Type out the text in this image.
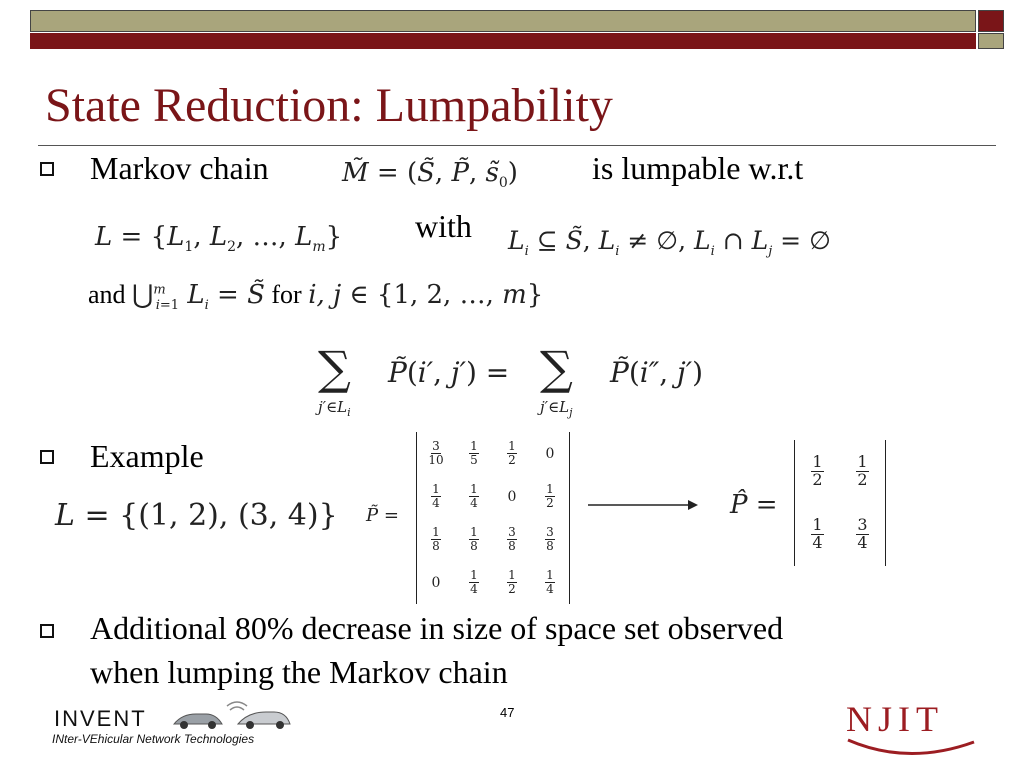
State Reduction: Lumpability
Markov chain	M̃ = (S̃, P̃, $s̃_0$) is lumpable w.r.t
$L = \{L_1$, $L_2$, …, $L_m$} with $L_i$ ⊆ S̃, $L_i$ ≠ ∅, $L_i$ ∩ $L_j$ = ∅
and ⋃$^m_{i=1}$ $L_i$ = S̃ for i, j ∈ {1, 2, …, m}
∑
$j'\in L_i$
P̃(i′, j′) = ∑
$j'\in L_j$
P̃(i″, j′)
Example
L = {(1, 2), (3, 4)} P̃ =
$\frac{3}{10} \frac{1}{5} \frac{1}{2}$	0
$\frac{1}{4} \frac{1}{4}$	0	$\frac{1}{2}$
$\frac{1}{8} \frac{1}{8} \frac{3}{8} \frac{3}{8}$
0	$\frac{1}{4} \frac{1}{2} \frac{1}{4}$
P̂ =
$\frac{1}{2} \frac{1}{2}$
$\frac{1}{4} \frac{3}{4}$
Additional 80% decrease in size of space set observed
when lumping the Markov chain
47
INVENT
INter-VEhicular Network Technologies	NJIT
